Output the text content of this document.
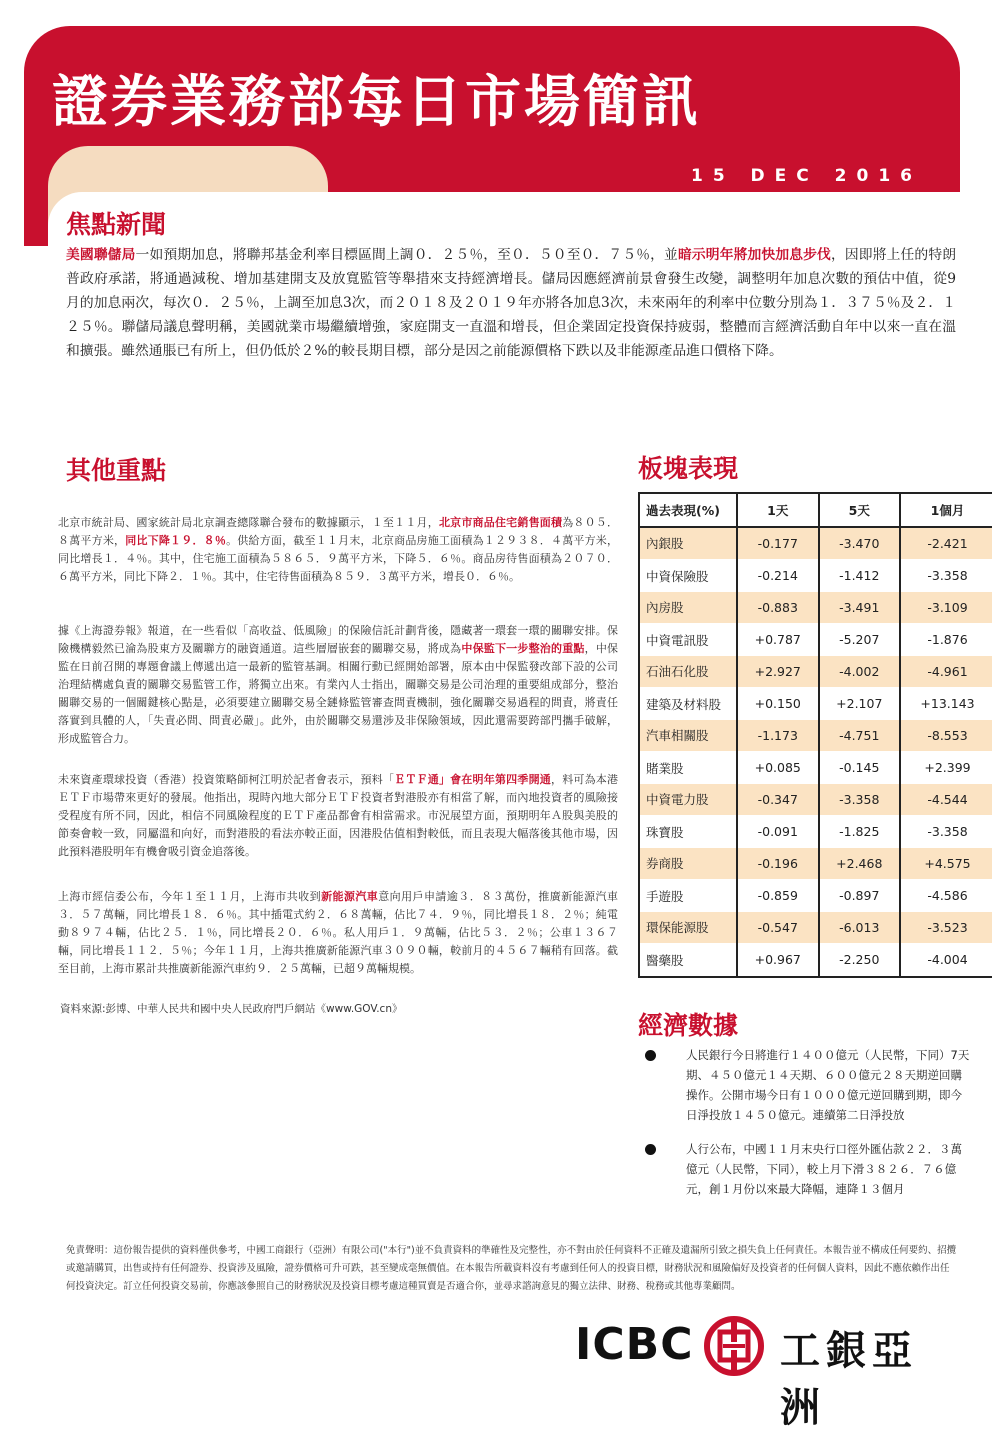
證券業務部每日市場簡訊
15 DEC 2016
焦點新聞

美國聯儲局一如預期加息，將聯邦基金利率目標區間上調０．２５％，至０．５０至０．７５％，並暗示明年將加快加息步伐，因即將上任的特朗普政府承諾，將通過減稅、增加基建開支及放寬監管等舉措來支持經濟增長。儲局因應經濟前景會發生改變，調整明年加息次數的預估中值，從9月的加息兩次，每次０．２５％，上調至加息3次，而２０１８及２０１９年亦將各加息3次，未來兩年的利率中位數分別為１．３７５％及２．１２５％。聯儲局議息聲明稱，美國就業市場繼續增強，家庭開支一直溫和增長，但企業固定投資保持疲弱，整體而言經濟活動自年中以來一直在溫和擴張。雖然通脹已有所上，但仍低於２%的較長期目標，部分是因之前能源價格下跌以及非能源產品進口價格下降。

其他重點

北京市統計局、國家統計局北京調查總隊聯合發布的數據顯示，１至１１月，北京市商品住宅銷售面積為８０５．８萬平方米，同比下降１９．８％。供給方面，截至１１月末，北京商品房施工面積為１２９３８．４萬平方米，同比增長１．４％。其中，住宅施工面積為５８６５．９萬平方米，下降５．６％。商品房待售面積為２０７０．６萬平方米，同比下降２．１％。其中，住宅待售面積為８５９．３萬平方米，增長０．６％。

據《上海證券報》報道，在一些看似「高收益、低風險」的保險信託計劃背後，隱藏著一環套一環的關聯安排。保險機構毅然已淪為股東方及關聯方的融資通道。這些層層嵌套的關聯交易，將成為中保監下一步整治的重點，中保監在日前召開的專題會議上傳遞出這一最新的監管基調。相關行動已經開始部署，原本由中保監發改部下設的公司治理結構處負責的關聯交易監管工作，將獨立出來。有業內人士指出，關聯交易是公司治理的重要組成部分，整治關聯交易的一個關鍵核心點是，必須要建立關聯交易全鏈條監管審查問責機制，強化關聯交易過程的問責，將責任落實到具體的人，「失責必問、問責必嚴」。此外，由於關聯交易還涉及非保險領域，因此還需要跨部門攜手破解，形成監管合力。

未來資產環球投資（香港）投資策略師柯江明於記者會表示，預料「ＥＴＦ通」會在明年第四季開通，料可為本港ＥＴＦ市場帶來更好的發展。他指出，現時內地大部分ＥＴＦ投資者對港股亦有相當了解，而內地投資者的風險接受程度有所不同，因此，相信不同風險程度的ＥＴＦ產品都會有相當需求。市況展望方面，預期明年Ａ股與美股的節奏會較一致，同屬溫和向好，而對港股的看法亦較正面，因港股估值相對較低，而且表現大幅落後其他市場，因此預料港股明年有機會吸引資金追落後。

上海市經信委公布，今年１至１１月，上海市共收到新能源汽車意向用戶申請逾３．８３萬份，推廣新能源汽車３．５７萬輛，同比增長１８．６％。其中插電式約２．６８萬輛，佔比７４．９％，同比增長１８．２％；純電動８９７４輛，佔比２５．１％，同比增長２０．６％。私人用戶１．９萬輛，佔比５３．２％；公車１３６７輛，同比增長１１２．５％；今年１１月，上海共推廣新能源汽車３０９０輛，較前月的４５６７輛稍有回落。截至目前，上海市累計共推廣新能源汽車約９．２５萬輛，已超９萬輛規模。

資料來源:彭博、中華人民共和國中央人民政府門戶網站《www.GOV.cn》

板塊表現
過去表現(%)	1天	5天	1個月
內銀股	-0.177	-3.470	-2.421
中資保險股	-0.214	-1.412	-3.358
內房股	-0.883	-3.491	-3.109
中資電訊股	+0.787	-5.207	-1.876
石油石化股	+2.927	-4.002	-4.961
建築及材料股	+0.150	+2.107	+13.143
汽車相關股	-1.173	-4.751	-8.553
賭業股	+0.085	-0.145	+2.399
中資電力股	-0.347	-3.358	-4.544
珠寶股	-0.091	-1.825	-3.358
券商股	-0.196	+2.468	+4.575
手遊股	-0.859	-0.897	-4.586
環保能源股	-0.547	-6.013	-3.523
醫藥股	+0.967	-2.250	-4.004
經濟數據
人民銀行今日將進行１４００億元（人民幣，下同）7天期、４５０億元１４天期、６００億元２８天期逆回購操作。公開市場今日有１０００億元逆回購到期，即今日淨投放１４５０億元。連續第二日淨投放
人行公布，中國１１月末央行口徑外匯佔款２２．３萬億元（人民幣，下同），較上月下滑３８２６．７６億元，創１月份以來最大降幅，連降１３個月

免責聲明：這份報告提供的資料僅供參考，中國工商銀行（亞洲）有限公司("本行")並不負責資料的準確性及完整性，亦不對由於任何資料不正確及遺漏所引致之損失負上任何責任。本報告並不構成任何要約、招攬或邀請購買，出售或持有任何證券、投資涉及風險，證券價格可升可跌，甚至變成毫無價值。在本報告所載資料沒有考慮到任何人的投資目標，財務狀況和風險偏好及投資者的任何個人資料，因此不應依賴作出任何投資決定。訂立任何投資交易前，你應該參照自己的財務狀況及投資目標考慮這種買賣是否適合你，並尋求諮詢意見的獨立法律、財務、稅務或其他專業顧問。

ICBC 工銀亞洲
